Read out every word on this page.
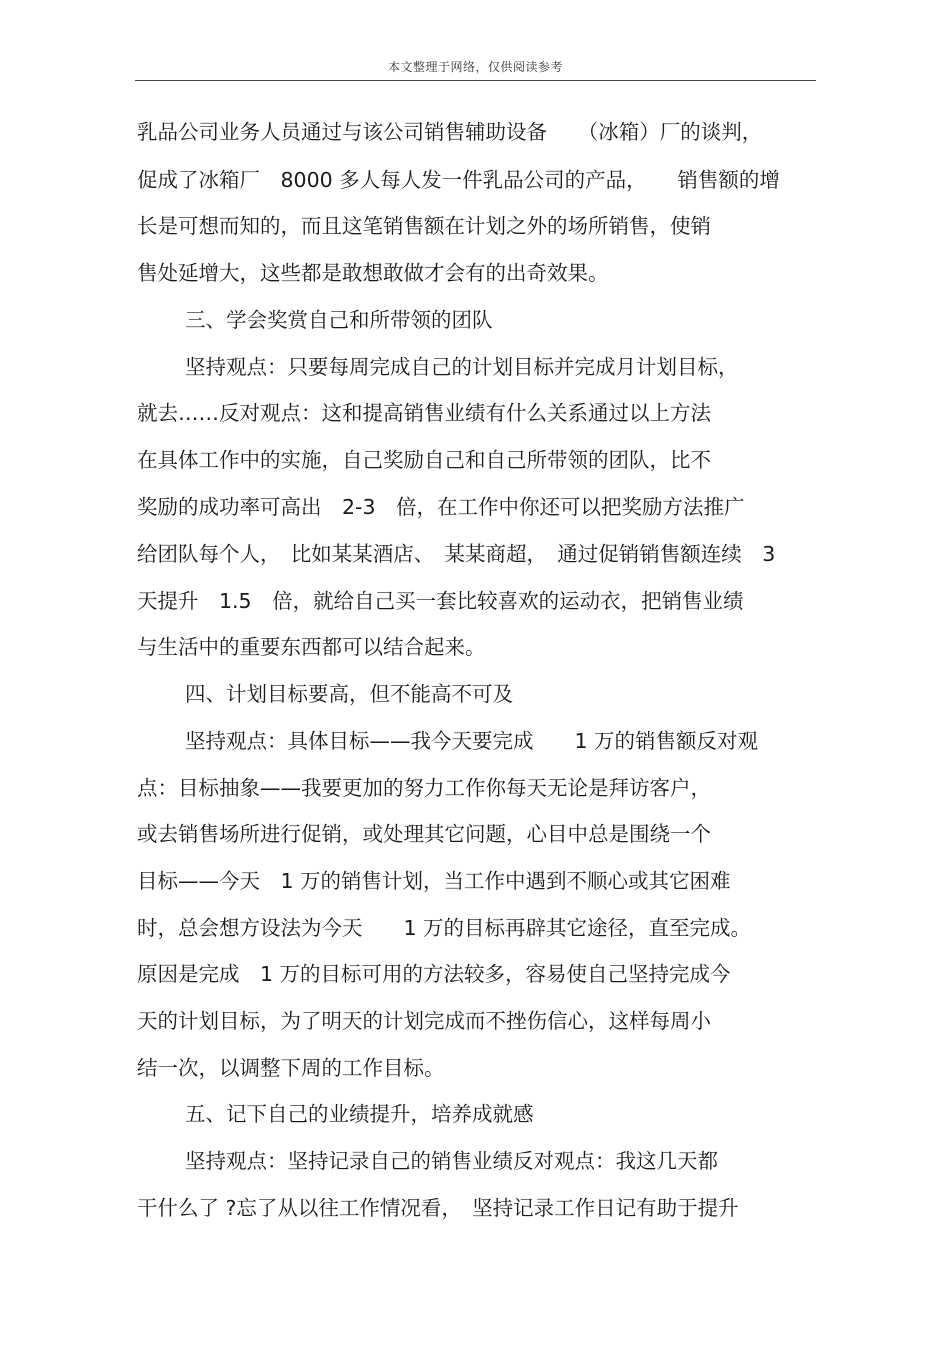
本文整理于网络，仅供阅读参考
乳品公司业务人员通过与该公司销售辅助设备　　（冰箱）厂的谈判，
促成了冰箱厂　8000 多人每人发一件乳品公司的产品，　　销售额的增
长是可想而知的，而且这笔销售额在计划之外的场所销售，使销
售处延增大，这些都是敢想敢做才会有的出奇效果。
三、学会奖赏自己和所带领的团队
坚持观点：只要每周完成自己的计划目标并完成月计划目标，
就去……反对观点：这和提高销售业绩有什么关系通过以上方法
在具体工作中的实施，自己奖励自己和自己所带领的团队，比不
奖励的成功率可高出　2-3　倍，在工作中你还可以把奖励方法推广
给团队每个人，　比如某某酒店、　某某商超，　通过促销销售额连续　3
天提升　1.5　倍，就给自己买一套比较喜欢的运动衣，把销售业绩
与生活中的重要东西都可以结合起来。
四、计划目标要高，但不能高不可及
坚持观点：具体目标——我今天要完成　　1 万的销售额反对观
点：目标抽象——我要更加的努力工作你每天无论是拜访客户，
或去销售场所进行促销，或处理其它问题，心目中总是围绕一个
目标——今天　1 万的销售计划，当工作中遇到不顺心或其它困难
时，总会想方设法为今天　　1 万的目标再辟其它途径，直至完成。
原因是完成　1 万的目标可用的方法较多，容易使自己坚持完成今
天的计划目标，为了明天的计划完成而不挫伤信心，这样每周小
结一次，以调整下周的工作目标。
五、记下自己的业绩提升，培养成就感
坚持观点：坚持记录自己的销售业绩反对观点：我这几天都
干什么了 ?忘了从以往工作情况看，　坚持记录工作日记有助于提升
